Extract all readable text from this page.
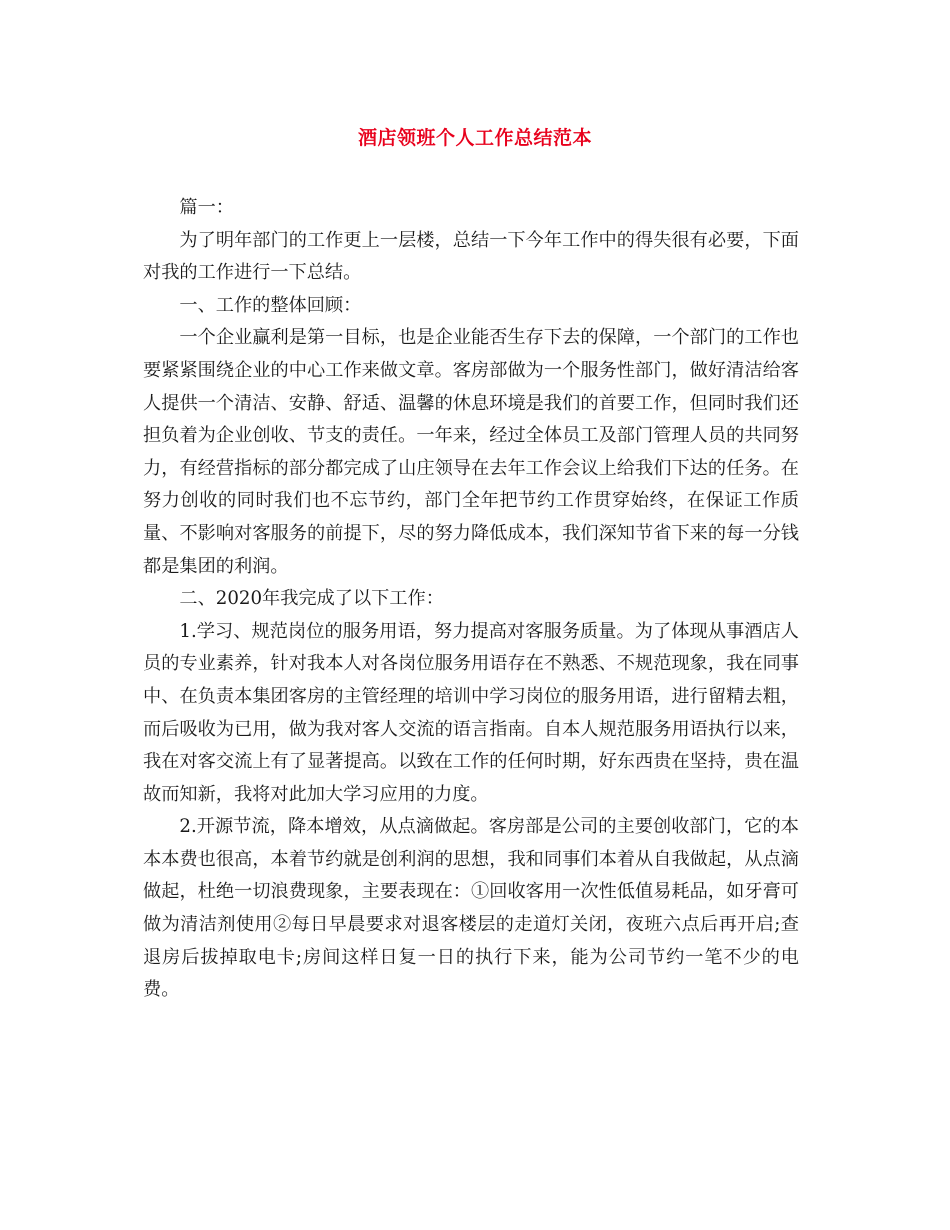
酒店领班个人工作总结范本

篇一：

为了明年部门的工作更上一层楼，总结一下今年工作中的得失很有必要，下面对我的工作进行一下总结。

一、工作的整体回顾：

一个企业赢利是第一目标，也是企业能否生存下去的保障，一个部门的工作也要紧紧围绕企业的中心工作来做文章。客房部做为一个服务性部门，做好清洁给客人提供一个清洁、安静、舒适、温馨的休息环境是我们的首要工作，但同时我们还担负着为企业创收、节支的责任。一年来，经过全体员工及部门管理人员的共同努力，有经营指标的部分都完成了山庄领导在去年工作会议上给我们下达的任务。在努力创收的同时我们也不忘节约，部门全年把节约工作贯穿始终，在保证工作质量、不影响对客服务的前提下，尽的努力降低成本，我们深知节省下来的每一分钱都是集团的利润。

二、2020年我完成了以下工作：

1.学习、规范岗位的服务用语，努力提高对客服务质量。为了体现从事酒店人员的专业素养，针对我本人对各岗位服务用语存在不熟悉、不规范现象，我在同事中、在负责本集团客房的主管经理的培训中学习岗位的服务用语，进行留精去粗，而后吸收为已用，做为我对客人交流的语言指南。自本人规范服务用语执行以来，我在对客交流上有了显著提高。以致在工作的任何时期，好东西贵在坚持，贵在温故而知新，我将对此加大学习应用的力度。

2.开源节流，降本增效，从点滴做起。客房部是公司的主要创收部门，它的本本本费也很高，本着节约就是创利润的思想，我和同事们本着从自我做起，从点滴做起，杜绝一切浪费现象，主要表现在：①回收客用一次性低值易耗品，如牙膏可做为清洁剂使用②每日早晨要求对退客楼层的走道灯关闭，夜班六点后再开启;查退房后拔掉取电卡;房间这样日复一日的执行下来，能为公司节约一笔不少的电费。
